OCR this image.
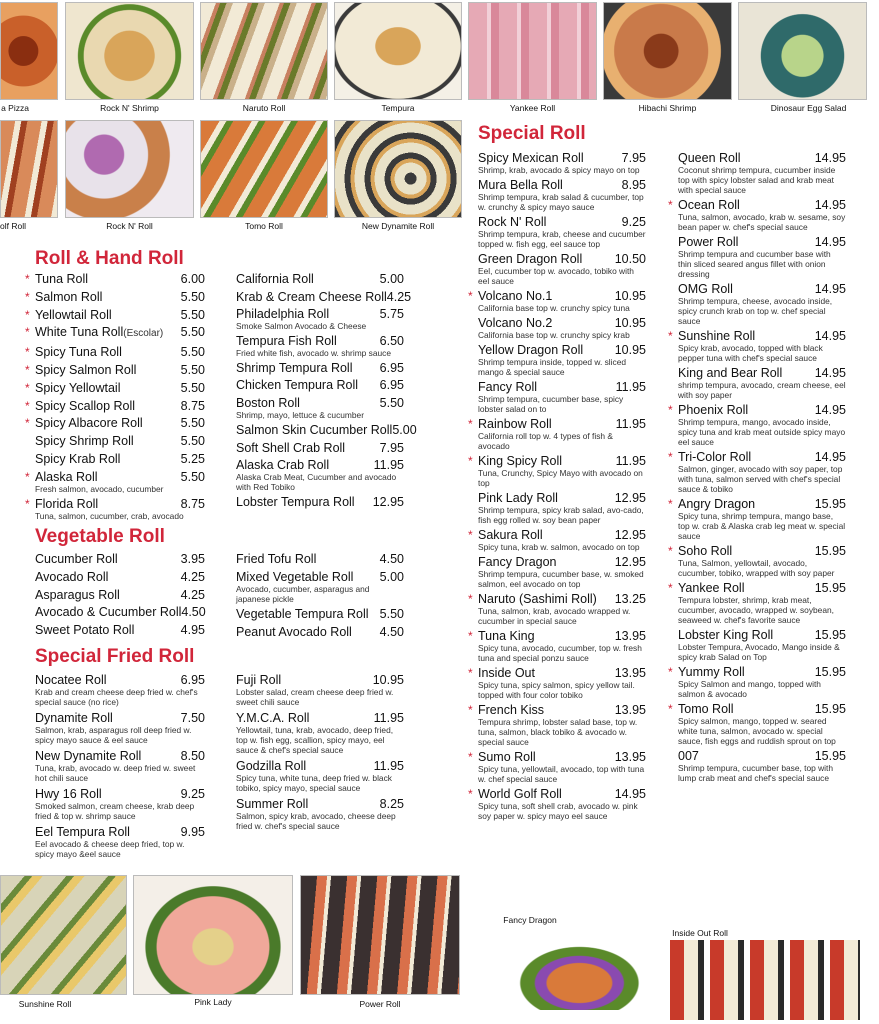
a Pizza	Rock N' Shrimp	Naruto Roll	Tempura	Yankee Roll	Hibachi Shrimp	Dinosaur Egg Salad
olf Roll	Rock N' Roll	Tomo Roll	New Dynamite Roll
Roll & Hand Roll
Vegetable Roll
Special Fried Roll
Special Roll
* Tuna Roll	6.00
* Salmon Roll	5.50
* Yellowtail Roll	5.50
* White Tuna Roll(Escolar) 5.50
* Spicy Tuna Roll	5.50
* Spicy Salmon Roll	5.50
* Spicy Yellowtail	5.50
* Spicy Scallop Roll	8.75
* Spicy Albacore Roll	5.50
Spicy Shrimp Roll	5.50
Spicy Krab Roll	5.25
* Alaska Roll	5.50
Fresh salmon, avocado, cucumber
* Florida Roll	8.75
Tuna, salmon, cucumber, crab, avocado
California Roll	5.00
Krab & Cream Cheese Roll 4.25
Philadelphia Roll	5.75
Smoke Salmon Avocado & Cheese
Tempura Fish Roll	6.50
Fried white fish, avocado w. shrimp sauce
Shrimp Tempura Roll 6.95
Chicken Tempura Roll 6.95
Boston Roll	5.50
Shrimp, mayo, lettuce & cucumber
Salmon Skin Cucumber Roll 5.00
Soft Shell Crab Roll	7.95
Alaska Crab Roll	11.95
Alaska Crab Meat, Cucumber and avocado with Red Tobiko
Lobster Tempura Roll 12.95
Cucumber Roll	3.95
Avocado Roll	4.25
Asparagus Roll	4.25
Avocado & Cucumber Roll 4.50
Sweet Potato Roll	4.95
Fried Tofu Roll	4.50
Mixed Vegetable Roll 5.00
Avocado, cucumber, asparagus and japanese pickle
Vegetable Tempura Roll 5.50
Peanut Avocado Roll 4.50
Nocatee Roll	6.95
Krab and cream cheese deep fried w. chef's special sauce (no rice)
Dynamite Roll	7.50
Salmon, krab, asparagus roll deep fried w. spicy mayo sauce & eel sauce
New Dynamite Roll	8.50
Tuna, krab, avocado w. deep fried w. sweet hot chili sauce
Hwy 16 Roll	9.25
Smoked salmon, cream cheese, krab deep fried & top w. shrimp sauce
Eel Tempura Roll	9.95
Eel avocado & cheese deep fried, top w. spicy mayo &eel sauce
Fuji Roll	10.95
Lobster salad, cream cheese deep fried w. sweet chili sauce
Y.M.C.A. Roll	11.95
Yellowtail, tuna, krab, avocado, deep fried, top w. fish egg, scallion, spicy mayo, eel sauce & chef's special sauce
Godzilla Roll	11.95
Spicy tuna, white tuna, deep fried w. black tobiko, spicy mayo, special sauce
Summer Roll	8.25
Salmon, spicy krab, avocado, cheese deep fried w. chef's special sauce
Spicy Mexican Roll	7.95
Shrimp, krab, avocado & spicy mayo on top
Mura Bella Roll	8.95
Shrimp tempura, krab salad & cucumber, top w. crunchy & spicy mayo sauce
Rock N' Roll	9.25
Shrimp tempura, krab, cheese and cucumber topped w. fish egg, eel sauce top
Green Dragon Roll	10.50
Eel, cucumber top w. avocado, tobiko with eel sauce
* Volcano No.1	10.95
California base top w. crunchy spicy tuna
Volcano No.2	10.95
California base top w. crunchy spicy krab
Yellow Dragon Roll	10.95
Shrimp tempura inside, topped w. sliced mango & special sauce
Fancy Roll	11.95
Shrimp tempura, cucumber base, spicy lobster salad on to
* Rainbow Roll	11.95
California roll top w. 4 types of fish & avocado
* King Spicy Roll	11.95
Tuna, Crunchy, Spicy Mayo with avocado on top
Pink Lady Roll	12.95
Shrimp tempura, spicy krab salad, avo-cado, fish egg rolled w. soy bean paper
* Sakura Roll	12.95
Spicy tuna, krab w. salmon, avocado on top
Fancy Dragon	12.95
Shrimp tempura, cucumber base, w. smoked salmon, eel avocado on top
* Naruto (Sashimi Roll) 13.25
Tuna, salmon, krab, avocado wrapped w. cucumber in special sauce
* Tuna King	13.95
Spicy tuna, avocado, cucumber, top w. fresh tuna and special ponzu sauce
* Inside Out	13.95
Spicy tuna, spicy salmon, spicy yellow tail. topped with four color tobiko
* French Kiss	13.95
Tempura shrimp, lobster salad base, top w. tuna, salmon, black tobiko & avocado w. special sauce
* Sumo Roll	13.95
Spicy tuna, yellowtail, avocado, top with tuna w. chef special sauce
* World Golf Roll	14.95
Spicy tuna, soft shell crab, avocado w. pink soy paper w. spicy mayo eel sauce
Queen Roll	14.95
Coconut shrimp tempura, cucumber inside top with spicy lobster salad and krab meat with special sauce
* Ocean Roll	14.95
Tuna, salmon, avocado, krab w. sesame, soy bean paper w. chef's special sauce
Power Roll	14.95
Shrimp tempura and cucumber base with thin sliced seared angus fillet with onion dressing
OMG Roll	14.95
Shrimp tempura, cheese, avocado inside, spicy crunch krab on top w. chef special sauce
* Sunshine Roll	14.95
Spicy krab, avocado, topped with black pepper tuna with chef's special sauce
King and Bear Roll	14.95
shrimp tempura, avocado, cream cheese, eel with soy paper
* Phoenix Roll	14.95
Shrimp tempura, mango, avocado inside, spicy tuna and krab meat outside spicy mayo eel sauce
* Tri-Color Roll	14.95
Salmon, ginger, avocado with soy paper, top with tuna, salmon served with chef's special sauce & tobiko
* Angry Dragon	15.95
Spicy tuna, shrimp tempura, mango base, top w. crab & Alaska crab leg meat w. special sauce
* Soho Roll	15.95
Tuna, Salmon, yellowtail, avocado, cucumber, tobiko, wrapped with soy paper
* Yankee Roll	15.95
Tempura lobster, shrimp, krab meat, cucumber, avocado, wrapped w. soybean, seaweed w. chef's favorite sauce
Lobster King Roll	15.95
Lobster Tempura, Avocado, Mango inside & spicy krab Salad on Top
* Yummy Roll	15.95
Spicy Salmon and mango, topped with salmon & avocado
* Tomo Roll	15.95
Spicy salmon, mango, topped w. seared white tuna, salmon, avocado w. special sauce, fish eggs and ruddish sprout on top
007	15.95
Shrimp tempura, cucumber base, top with lump crab meat and chef's special sauce
Sunshine Roll	Pink Lady	Power Roll
Fancy Dragon
Inside Out Roll
